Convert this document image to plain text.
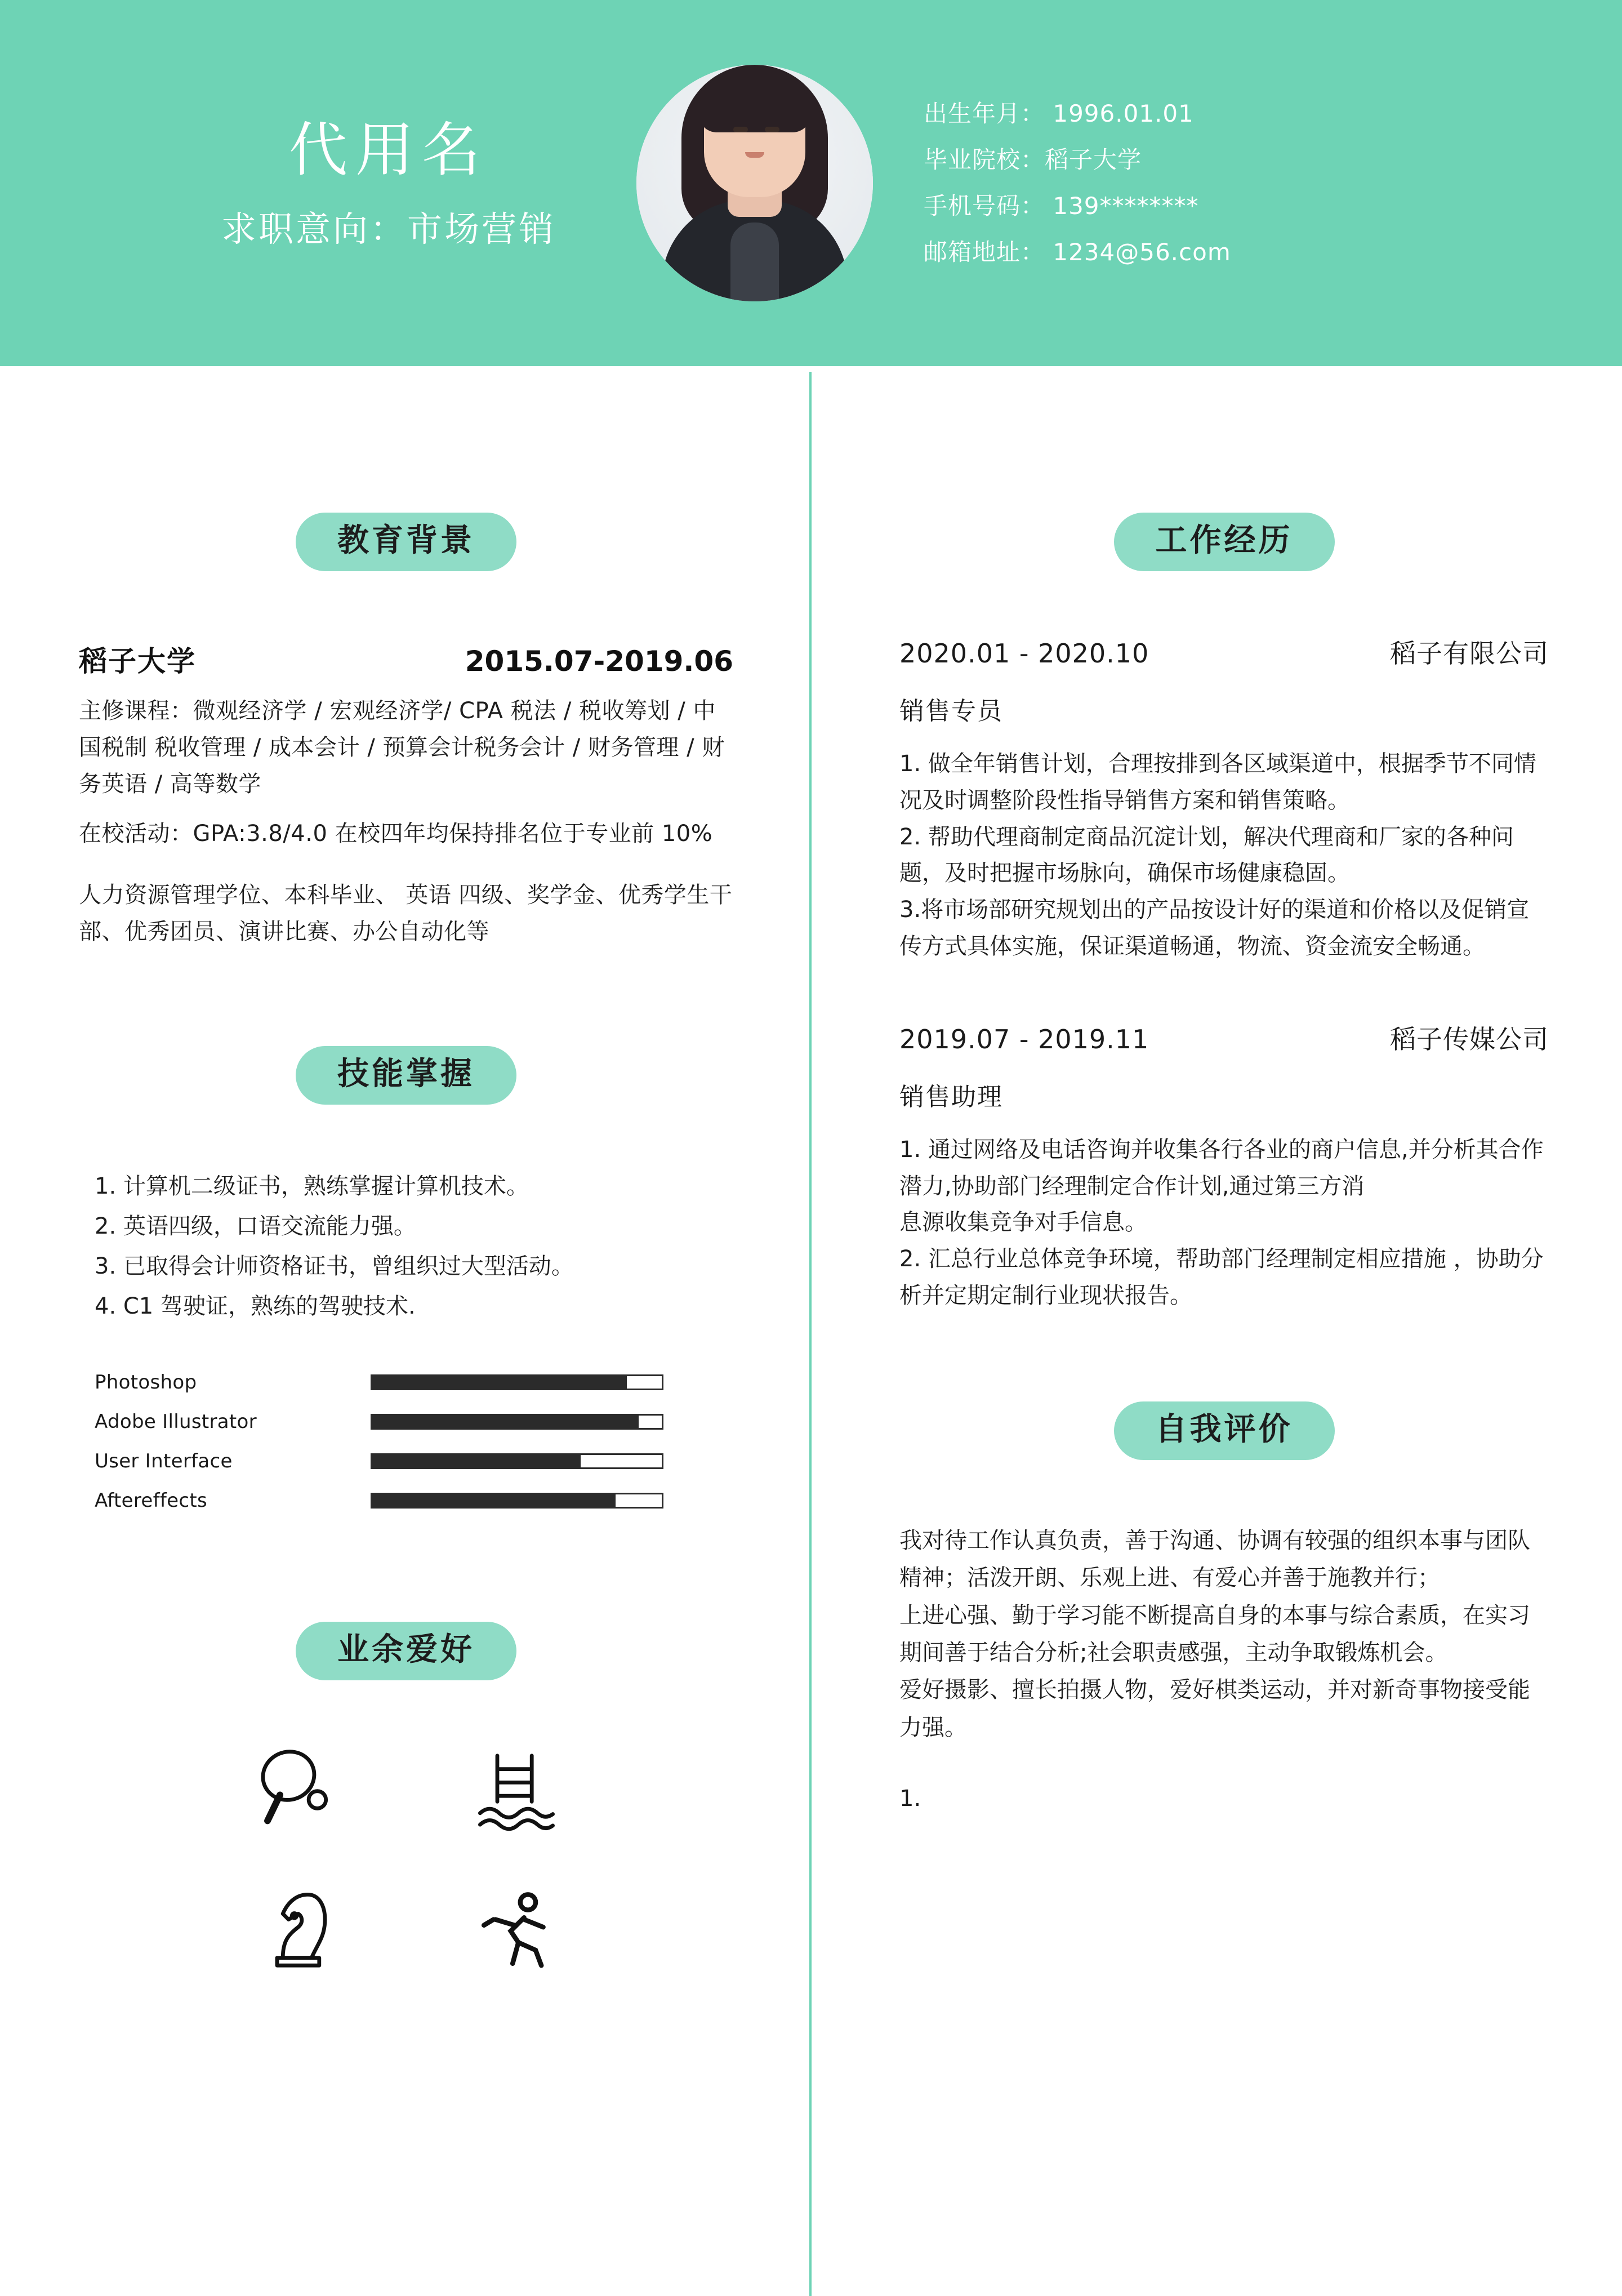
代用名
求职意向：市场营销
出生年月： 1996.01.01
毕业院校：稻子大学
手机号码： 139********
邮箱地址： 1234@56.com
教育背景
稻子大学	2015.07-2019.06
主修课程：微观经济学 / 宏观经济学/ CPA 税法 / 税收筹划 / 中国税制 税收管理 / 成本会计 / 预算会计税务会计 / 财务管理 / 财务英语 / 高等数学
在校活动：GPA:3.8/4.0 在校四年均保持排名位于专业前 10%
人力资源管理学位、本科毕业、 英语 四级、奖学金、优秀学生干部、优秀团员、演讲比赛、办公自动化等
技能掌握
1. 计算机二级证书，熟练掌握计算机技术。
2. 英语四级，口语交流能力强。
3. 已取得会计师资格证书，曾组织过大型活动。
4. C1 驾驶证，熟练的驾驶技术.
Photoshop
Adobe Illustrator
User Interface
Aftereffects
业余爱好
工作经历
2020.01 - 2020.10	稻子有限公司
销售专员
1. 做全年销售计划，合理按排到各区域渠道中，根据季节不同情况及时调整阶段性指导销售方案和销售策略。
2. 帮助代理商制定商品沉淀计划，解决代理商和厂家的各种问题，及时把握市场脉向，确保市场健康稳固。
3.将市场部研究规划出的产品按设计好的渠道和价格以及促销宣传方式具体实施，保证渠道畅通，物流、资金流安全畅通。
2019.07 - 2019.11	稻子传媒公司
销售助理
1. 通过网络及电话咨询并收集各行各业的商户信息,并分析其合作潜力,协助部门经理制定合作计划,通过第三方消
息源收集竞争对手信息。
2. 汇总行业总体竞争环境，帮助部门经理制定相应措施 ，协助分析并定期定制行业现状报告。
自我评价
我对待工作认真负责，善于沟通、协调有较强的组织本事与团队精神；活泼开朗、乐观上进、有爱心并善于施教并行；
上进心强、勤于学习能不断提高自身的本事与综合素质，在实习期间善于结合分析;社会职责感强，主动争取锻炼机会。
爱好摄影、擅长拍摄人物，爱好棋类运动，并对新奇事物接受能力强。
1.
